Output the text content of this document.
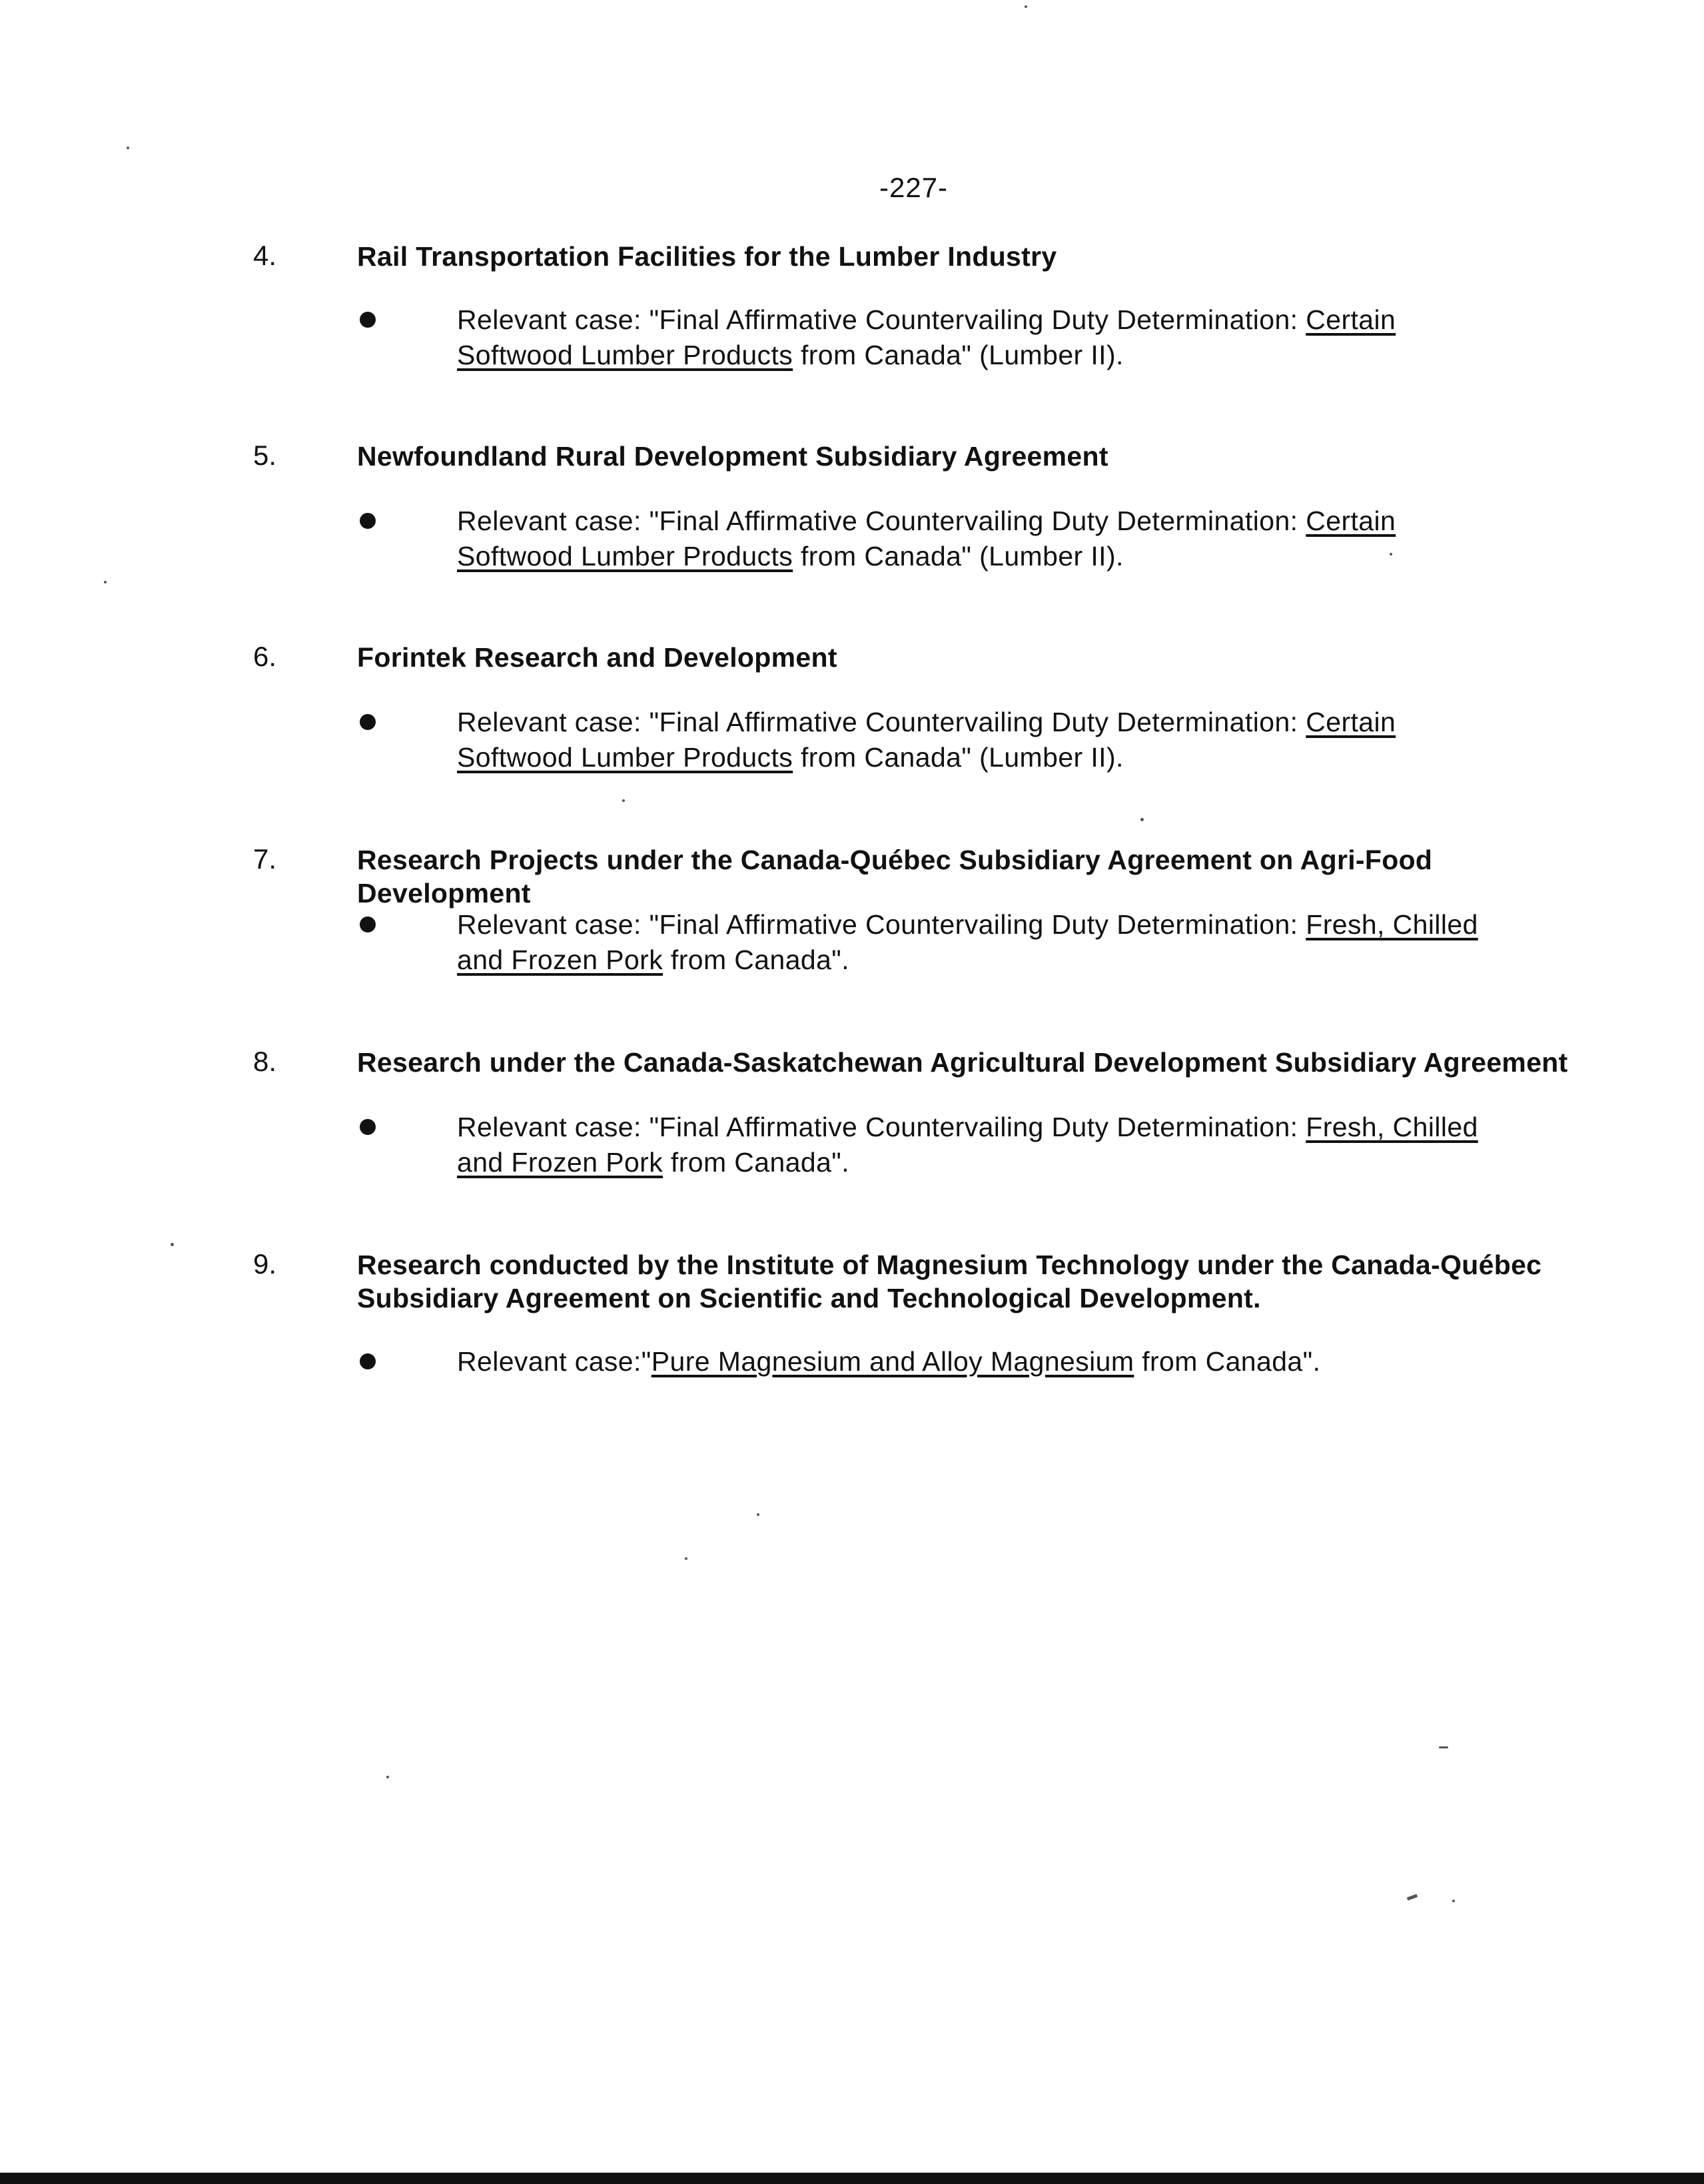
-227-
4.	Rail Transportation Facilities for the Lumber Industry
Relevant case: "Final Affirmative Countervailing Duty Determination: Certain Softwood Lumber Products from Canada" (Lumber II).
5.	Newfoundland Rural Development Subsidiary Agreement
Relevant case: "Final Affirmative Countervailing Duty Determination: Certain Softwood Lumber Products from Canada" (Lumber II).
6.	Forintek Research and Development
Relevant case: "Final Affirmative Countervailing Duty Determination: Certain Softwood Lumber Products from Canada" (Lumber II).
7.	Research Projects under the Canada-Québec Subsidiary Agreement on Agri-Food Development
Relevant case: "Final Affirmative Countervailing Duty Determination: Fresh, Chilled and Frozen Pork from Canada".
8.	Research under the Canada-Saskatchewan Agricultural Development Subsidiary Agreement
Relevant case: "Final Affirmative Countervailing Duty Determination: Fresh, Chilled and Frozen Pork from Canada".
9.	Research conducted by the Institute of Magnesium Technology under the Canada-Québec Subsidiary Agreement on Scientific and Technological Development.
Relevant case:"Pure Magnesium and Alloy Magnesium from Canada".
